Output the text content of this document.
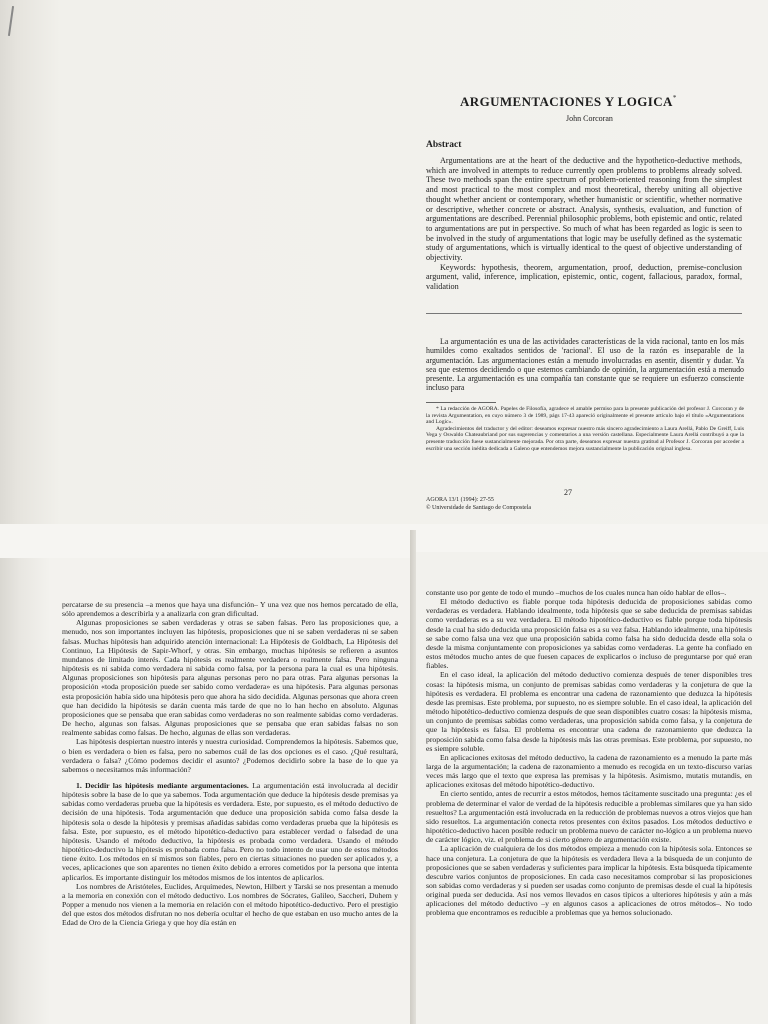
ARGUMENTACIONES Y LOGICA*
John Corcoran
Abstract

Argumentations are at the heart of the deductive and the hypothetico-deductive methods, which are involved in attempts to reduce currently open problems to problems already solved. These two methods span the entire spectrum of problem-oriented reasoning from the simplest and most practical to the most complex and most theoretical, thereby uniting all objective thought whether ancient or contemporary, whether humanistic or scientific, whether normative or descriptive, whether concrete or abstract. Analysis, synthesis, evaluation, and function of argumentations are described. Perennial philosophic problems, both epistemic and ontic, related to argumentations are put in perspective. So much of what has been regarded as logic is seen to be involved in the study of argumentations that logic may be usefully defined as the systematic study of argumentations, which is virtually identical to the quest of objective understanding of objectivity.

Keywords: hypothesis, theorem, argumentation, proof, deduction, premise-conclusion argument, valid, inference, implication, epistemic, ontic, cogent, fallacious, paradox, formal, validation

La argumentación es una de las actividades características de la vida racional, tanto en los más humildes como exaltados sentidos de 'racional'. El uso de la razón es inseparable de la argumentación. Las argumentaciones están a menudo involucradas en asentir, disentir y dudar. Ya sea que estemos decidiendo o que estemos cambiando de opinión, la argumentación está a menudo presente. La argumentación es una compañía tan constante que se requiere un esfuerzo consciente incluso para

* La redacción de AGORA. Papeles de Filosofía, agradece el amable permiso para la presente publicación del profesor J. Corcoran y de la revista Argumentation, en cuyo número 3 de 1989, págs 17-43 apareció originalmente el presente artículo bajo el título «Argumentations and Logic».

Agradecimientos del traductor y del editor: deseamos expresar nuestro más sincero agradecimiento a Laura Arellá, Pablo De Greiff, Luis Vega y Oswaldo Chateaubriand por sus sugerencias y comentarios a una versión castellana. Especialmente Laura Arellá contribuyó a que la presente traducción fuese sustancialmente mejorada. Por otra parte, deseamos expresar nuestra gratitud al Profesor J. Corcoran por acceder a escribir una sección inédita dedicada a Galeno que entendemos mejora sustancialmente la publicación original inglesa.

27
AGORA 13/1 (1994): 27-55
© Universidade de Santiago de Compostela

percatarse de su presencia –a menos que haya una disfunción– Y una vez que nos hemos percatado de ella, sólo aprendemos a describirla y a analizarla con gran dificultad.

Algunas proposiciones se saben verdaderas y otras se saben falsas. Pero las proposiciones que, a menudo, nos son importantes incluyen las hipótesis, proposiciones que ni se saben verdaderas ni se saben falsas. Muchas hipótesis han adquirido atención internacional: La Hipótesis de Goldbach, La Hipótesis del Continuo, La Hipótesis de Sapir-Whorf, y otras. Sin embargo, muchas hipótesis se refieren a asuntos mundanos de limitado interés. Cada hipótesis es realmente verdadera o realmente falsa. Pero ninguna hipótesis es ni sabida como verdadera ni sabida como falsa, por la persona para la cual es una hipótesis. Algunas proposiciones son hipótesis para algunas personas pero no para otras. Para algunas personas la proposición «toda proposición puede ser sabido como verdadera» es una hipótesis. Para algunas personas esta proposición había sido una hipótesis pero que ahora ha sido decidida. Algunas personas que ahora creen que han decidido la hipótesis se darán cuenta más tarde de que no lo han hecho en absoluto. Algunas proposiciones que se pensaba que eran sabidas como verdaderas no son realmente sabidas como verdaderas. De hecho, algunas son falsas. Algunas proposiciones que se pensaba que eran sabidas falsas no son realmente sabidas como falsas. De hecho, algunas de ellas son verdaderas.

Las hipótesis despiertan nuestro interés y nuestra curiosidad. Comprendemos la hipótesis. Sabemos que, o bien es verdadera o bien es falsa, pero no sabemos cuál de las dos opciones es el caso. ¿Qué resultará, verdadera o falsa? ¿Cómo podemos decidir el asunto? ¿Podemos decidirlo sobre la base de lo que ya sabemos o necesitamos más información?

1. Decidir las hipótesis mediante argumentaciones. La argumentación está involucrada al decidir hipótesis sobre la base de lo que ya sabemos. Toda argumentación que deduce la hipótesis desde premisas ya sabidas como verdaderas prueba que la hipótesis es verdadera. Este, por supuesto, es el método deductivo de decisión de una hipótesis. Toda argumentación que deduce una proposición sabida como falsa desde la hipótesis sola o desde la hipótesis y premisas añadidas sabidas como verdaderas prueba que la hipótesis es falsa. Este, por supuesto, es el método hipotético-deductivo para establecer verdad o falsedad de una hipótesis. Usando el método deductivo, la hipótesis es probada como verdadera. Usando el método hipotético-deductivo la hipótesis es probada como falsa. Pero no todo intento de usar uno de estos métodos tiene éxito. Los métodos en sí mismos son fiables, pero en ciertas situaciones no pueden ser aplicados y, a veces, aplicaciones que son aparentes no tienen éxito debido a errores cometidos por la persona que intenta aplicarlos. Es importante distinguir los métodos mismos de los intentos de aplicarlos.

Los nombres de Aristóteles, Euclides, Arquímedes, Newton, Hilbert y Tarski se nos presentan a menudo a la memoria en conexión con el método deductivo. Los nombres de Sócrates, Galileo, Saccheri, Duhem y Popper a menudo nos vienen a la memoria en relación con el método hipotético-deductivo. Pero el prestigio del que estos dos métodos disfrutan no nos debería ocultar el hecho de que estaban en uso mucho antes de la Edad de Oro de la Ciencia Griega y que hoy día están en

constante uso por gente de todo el mundo –muchos de los cuales nunca han oído hablar de ellos–.

El método deductivo es fiable porque toda hipótesis deducida de proposiciones sabidas como verdaderas es verdadera. Hablando idealmente, toda hipótesis que se sabe deducida de premisas sabidas como verdaderas es a su vez verdadera. El método hipotético-deductivo es fiable porque toda hipótesis desde la cual ha sido deducida una proposición falsa es a su vez falsa. Hablando idealmente, una hipótesis se sabe como falsa una vez que una proposición sabida como falsa ha sido deducida desde ella sola o desde la misma conjuntamente con proposiciones ya sabidas como verdaderas. La gente ha confiado en estos métodos mucho antes de que fuesen capaces de explicarlos o incluso de preguntarse por qué eran fiables.

En el caso ideal, la aplicación del método deductivo comienza después de tener disponibles tres cosas: la hipótesis misma, un conjunto de premisas sabidas como verdaderas y la conjetura de que la hipótesis es verdadera. El problema es encontrar una cadena de razonamiento que deduzca la hipótesis desde las premisas. Este problema, por supuesto, no es siempre soluble. En el caso ideal, la aplicación del método hipotético-deductivo comienza después de que sean disponibles cuatro cosas: la hipótesis misma, un conjunto de premisas sabidas como verdaderas, una proposición sabida como falsa, y la conjetura de que la hipótesis es falsa. El problema es encontrar una cadena de razonamiento que deduzca la proposición sabida como falsa desde la hipótesis más las otras premisas. Este problema, por supuesto, no es siempre soluble.

En aplicaciones exitosas del método deductivo, la cadena de razonamiento es a menudo la parte más larga de la argumentación; la cadena de razonamiento a menudo es recogida en un texto-discurso varias veces más largo que el texto que expresa las premisas y la hipótesis. Asimismo, mutatis mutandis, en aplicaciones exitosas del método hipotético-deductivo.

En cierto sentido, antes de recurrir a estos métodos, hemos tácitamente suscitado una pregunta: ¿es el problema de determinar el valor de verdad de la hipótesis reducible a problemas similares que ya han sido resueltos? La argumentación está involucrada en la reducción de problemas nuevos a otros viejos que han sido resueltos. La argumentación conecta retos presentes con éxitos pasados. Los métodos deductivo e hipotético-deductivo hacen posible reducir un problema nuevo de carácter no-lógico a un problema nuevo de carácter lógico, viz. el problema de si cierto género de argumentación existe.

La aplicación de cualquiera de los dos métodos empieza a menudo con la hipótesis sola. Entonces se hace una conjetura. La conjetura de que la hipótesis es verdadera lleva a la búsqueda de un conjunto de proposiciones que se saben verdaderas y suficientes para implicar la hipótesis. Esta búsqueda típicamente descubre varios conjuntos de proposiciones. En cada caso necesitamos comprobar si las proposiciones son sabidas como verdaderas y si pueden ser usadas como conjunto de premisas desde el cual la hipótesis original pueda ser deducida. Así nos vemos llevados en casos típicos a ulteriores hipótesis y aún a más aplicaciones del método deductivo –y en algunos casos a aplicaciones de otros métodos–. No todo problema que encontramos es reducible a problemas que ya hemos solucionado.
